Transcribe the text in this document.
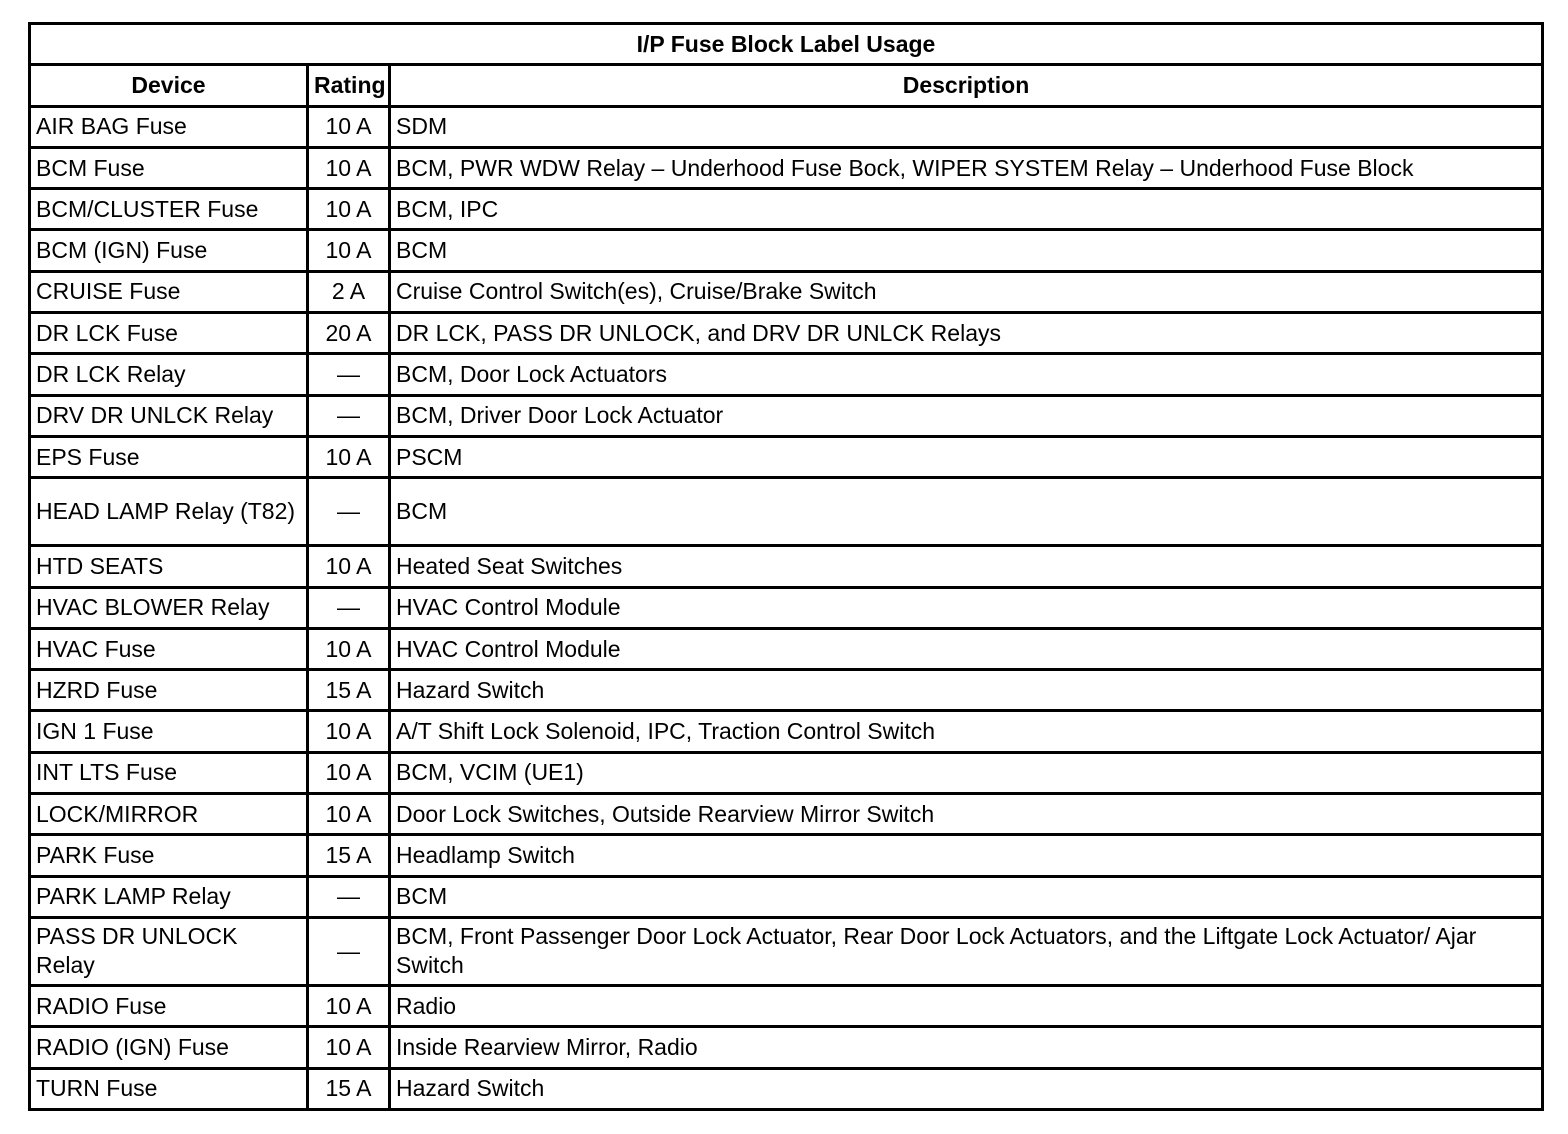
I/P Fuse Block Label Usage		
Device	Rating	Description
AIR BAG Fuse	10 A	SDM
BCM Fuse	10 A	BCM, PWR WDW Relay – Underhood Fuse Bock, WIPER SYSTEM Relay – Underhood Fuse Block
BCM/CLUSTER Fuse	10 A	BCM, IPC
BCM (IGN) Fuse	10 A	BCM
CRUISE Fuse	2 A	Cruise Control Switch(es), Cruise/Brake Switch
DR LCK Fuse	20 A	DR LCK, PASS DR UNLOCK, and DRV DR UNLCK Relays
DR LCK Relay	—	BCM, Door Lock Actuators
DRV DR UNLCK Relay	—	BCM, Driver Door Lock Actuator
EPS Fuse	10 A	PSCM
HEAD LAMP Relay (T82)	—	BCM
HTD SEATS	10 A	Heated Seat Switches
HVAC BLOWER Relay	—	HVAC Control Module
HVAC Fuse	10 A	HVAC Control Module
HZRD Fuse	15 A	Hazard Switch
IGN 1 Fuse	10 A	A/T Shift Lock Solenoid, IPC, Traction Control Switch
INT LTS Fuse	10 A	BCM, VCIM (UE1)
LOCK/MIRROR	10 A	Door Lock Switches, Outside Rearview Mirror Switch
PARK Fuse	15 A	Headlamp Switch
PARK LAMP Relay	—	BCM
PASS DR UNLOCK Relay	—	BCM, Front Passenger Door Lock Actuator, Rear Door Lock Actuators, and the Liftgate Lock Actuator/ Ajar Switch
RADIO Fuse	10 A	Radio
RADIO (IGN) Fuse	10 A	Inside Rearview Mirror, Radio
TURN Fuse	15 A	Hazard Switch
